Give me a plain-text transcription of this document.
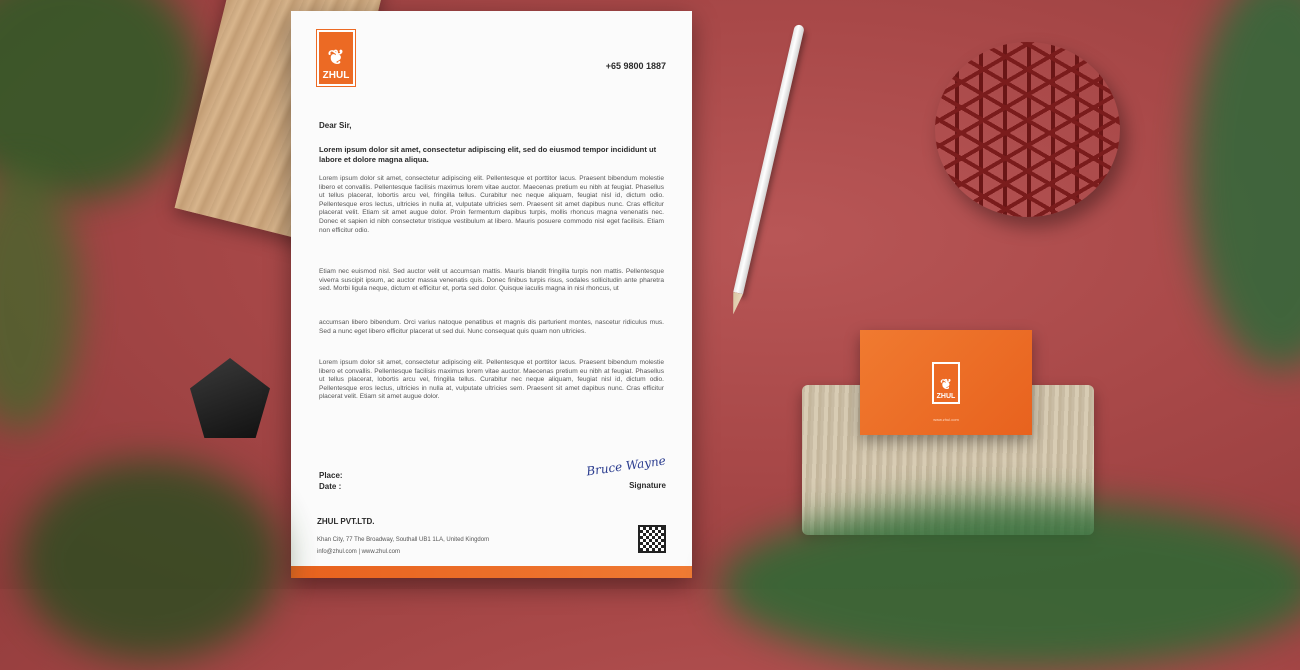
❦
ZHUL
+65 9800 1887
Dear Sir,
Lorem ipsum dolor sit amet, consectetur adipiscing elit, sed do eiusmod tempor incididunt ut labore et dolore magna aliqua.
Lorem ipsum dolor sit amet, consectetur adipiscing elit. Pellentesque et porttitor lacus. Praesent bibendum molestie libero et convallis. Pellentesque facilisis maximus lorem vitae auctor. Maecenas pretium eu nibh at feugiat. Phasellus ut tellus placerat, lobortis arcu vel, fringilla tellus. Curabitur nec neque aliquam, feugiat nisl id, dictum odio. Pellentesque eros lectus, ultricies in nulla at, vulputate ultricies sem. Praesent sit amet dapibus nunc. Cras efficitur placerat velit. Etiam sit amet augue dolor. Proin fermentum dapibus turpis, mollis rhoncus magna venenatis nec. Donec et sapien id nibh consectetur tristique vestibulum at libero. Mauris posuere commodo nisl eget facilisis. Etiam non efficitur odio.
Etiam nec euismod nisl. Sed auctor velit ut accumsan mattis. Mauris blandit fringilla turpis non mattis. Pellentesque viverra suscipit ipsum, ac auctor massa venenatis quis. Donec finibus turpis risus, sodales sollicitudin ante pharetra sed. Morbi ligula neque, dictum et efficitur et, porta sed dolor. Quisque iaculis magna in nisi rhoncus, ut
accumsan libero bibendum. Orci varius natoque penatibus et magnis dis parturient montes, nascetur ridiculus mus. Sed a nunc eget libero efficitur placerat ut sed dui. Nunc consequat quis quam non ultricies.
Lorem ipsum dolor sit amet, consectetur adipiscing elit. Pellentesque et porttitor lacus. Praesent bibendum molestie libero et convallis. Pellentesque facilisis maximus lorem vitae auctor. Maecenas pretium eu nibh at feugiat. Phasellus ut tellus placerat, lobortis arcu vel, fringilla tellus. Curabitur nec neque aliquam, feugiat nisl id, dictum odio. Pellentesque eros lectus, ultricies in nulla at, vulputate ultricies sem. Praesent sit amet dapibus nunc. Cras efficitur placerat velit. Etiam sit amet augue dolor.
Place:
Date :
Bruce Wayne
Signature
ZHUL PVT.LTD.
Khan City, 77 The Broadway, Southall UB1 1LA, United Kingdom
info@zhul.com | www.zhul.com
❦
ZHUL
www.zhul.com
